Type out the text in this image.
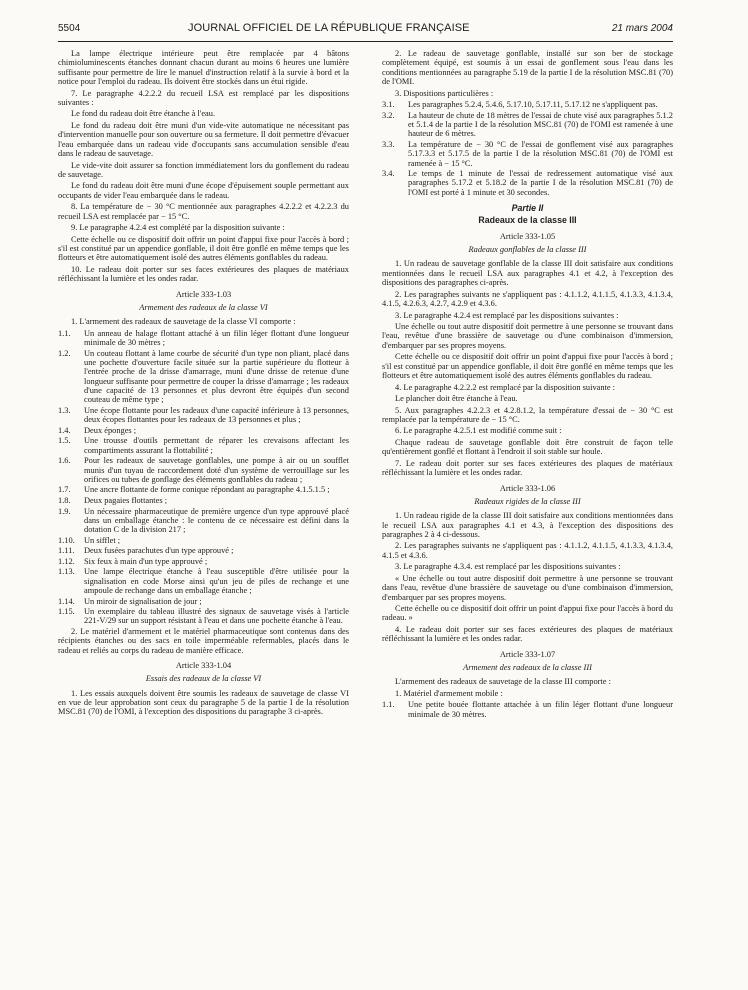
5504	JOURNAL OFFICIEL DE LA RÉPUBLIQUE FRANÇAISE	21 mars 2004

La lampe électrique intérieure peut être remplacée par 4 bâtons chimioluminescents étanches donnant chacun durant au moins 6 heures une lumière suffisante pour permettre de lire le manuel d'instruction relatif à la survie à bord et la notice pour l'emploi du radeau. Ils doivent être stockés dans un étui rigide.

7. Le paragraphe 4.2.2.2 du recueil LSA est remplacé par les dispositions suivantes :

Le fond du radeau doit être étanche à l'eau.

Le fond du radeau doit être muni d'un vide-vite automatique ne nécessitant pas d'intervention manuelle pour son ouverture ou sa fermeture. Il doit permettre d'évacuer l'eau embarquée dans un radeau vide d'occupants sans accumulation sensible d'eau dans le radeau de sauvetage.

Le vide-vite doit assurer sa fonction immédiatement lors du gonflement du radeau de sauvetage.

Le fond du radeau doit être muni d'une écope d'épuisement souple permettant aux occupants de vider l'eau embarquée dans le radeau.

8. La température de − 30 °C mentionnée aux paragraphes 4.2.2.2 et 4.2.2.3 du recueil LSA est remplacée par − 15 °C.

9. Le paragraphe 4.2.4 est complété par la disposition suivante :

Cette échelle ou ce dispositif doit offrir un point d'appui fixe pour l'accès à bord ; s'il est constitué par un appendice gonflable, il doit être gonflé en même temps que les flotteurs et être automatiquement isolé des autres éléments gonflables du radeau.

10. Le radeau doit porter sur ses faces extérieures des plaques de matériaux réfléchissant la lumière et les ondes radar.

Article 333-1.03
Armement des radeaux de la classe VI

1. L'armement des radeaux de sauvetage de la classe VI comporte :

1.1.	Un anneau de halage flottant attaché à un filin léger flottant d'une longueur minimale de 30 mètres ;
1.2.	Un couteau flottant à lame courbe de sécurité d'un type non pliant, placé dans une pochette d'ouverture facile située sur la partie supérieure du flotteur à l'entrée proche de la drisse d'amarrage, muni d'une drisse de retenue d'une longueur suffisante pour permettre de couper la drisse d'amarrage ; les radeaux d'une capacité de 13 personnes et plus devront être équipés d'un second couteau de même type ;
1.3.	Une écope flottante pour les radeaux d'une capacité inférieure à 13 personnes, deux écopes flottantes pour les radeaux de 13 personnes et plus ;
1.4.	Deux éponges ;
1.5.	Une trousse d'outils permettant de réparer les crevaisons affectant les compartiments assurant la flottabilité ;
1.6.	Pour les radeaux de sauvetage gonflables, une pompe à air ou un soufflet munis d'un tuyau de raccordement doté d'un système de verrouillage sur les orifices ou tubes de gonflage des éléments gonflables du radeau ;
1.7.	Une ancre flottante de forme conique répondant au paragraphe 4.1.5.1.5 ;
1.8.	Deux pagaies flottantes ;
1.9.	Un nécessaire pharmaceutique de première urgence d'un type approuvé placé dans un emballage étanche : le contenu de ce nécessaire est défini dans la dotation C de la division 217 ;
1.10.	Un sifflet ;
1.11.	Deux fusées parachutes d'un type approuvé ;
1.12.	Six feux à main d'un type approuvé ;
1.13.	Une lampe électrique étanche à l'eau susceptible d'être utilisée pour la signalisation en code Morse ainsi qu'un jeu de piles de rechange et une ampoule de rechange dans un emballage étanche ;
1.14.	Un miroir de signalisation de jour ;
1.15.	Un exemplaire du tableau illustré des signaux de sauvetage visés à l'article 221-V/29 sur un support résistant à l'eau et dans une pochette étanche à l'eau.

2. Le matériel d'armement et le matériel pharmaceutique sont contenus dans des récipients étanches ou des sacs en toile imperméable refermables, placés dans le radeau et reliés au corps du radeau de manière efficace.

Article 333-1.04
Essais des radeaux de la classe VI

1. Les essais auxquels doivent être soumis les radeaux de sauvetage de classe VI en vue de leur approbation sont ceux du paragraphe 5 de la partie I de la résolution MSC.81 (70) de l'OMI, à l'exception des dispositions du paragraphe 3 ci-après.

2. Le radeau de sauvetage gonflable, installé sur son ber de stockage complètement équipé, est soumis à un essai de gonflement sous l'eau dans les conditions mentionnées au paragraphe 5.19 de la partie I de la résolution MSC.81 (70) de l'OMI.

3. Dispositions particulières :

3.1.	Les paragraphes 5.2.4, 5.4.6, 5.17.10, 5.17.11, 5.17.12 ne s'appliquent pas.
3.2.	La hauteur de chute de 18 mètres de l'essai de chute visé aux paragraphes 5.1.2 et 5.1.4 de la partie I de la résolution MSC.81 (70) de l'OMI est ramenée à une hauteur de 6 mètres.
3.3.	La température de − 30 °C de l'essai de gonflement visé aux paragraphes 5.17.3.3 et 5.17.5 de la partie I de la résolution MSC.81 (70) de l'OMI est ramenée à − 15 °C.
3.4.	Le temps de 1 minute de l'essai de redressement automatique visé aux paragraphes 5.17.2 et 5.18.2 de la partie I de la résolution MSC.81 (70) de l'OMI est porté à 1 minute et 30 secondes.
Partie II
Radeaux de la classe III
Article 333-1.05
Radeaux gonflables de la classe III

1. Un radeau de sauvetage gonflable de la classe III doit satisfaire aux conditions mentionnées dans le recueil LSA aux paragraphes 4.1 et 4.2, à l'exception des dispositions des paragraphes ci-après.

2. Les paragraphes suivants ne s'appliquent pas : 4.1.1.2, 4.1.1.5, 4.1.3.3, 4.1.3.4, 4.1.5, 4.2.6.3, 4.2.7, 4.2.9 et 4.3.6.

3. Le paragraphe 4.2.4 est remplacé par les dispositions suivantes :

Une échelle ou tout autre dispositif doit permettre à une personne se trouvant dans l'eau, revêtue d'une brassière de sauvetage ou d'une combinaison d'immersion, d'embarquer par ses propres moyens.

Cette échelle ou ce dispositif doit offrir un point d'appui fixe pour l'accès à bord ; s'il est constitué par un appendice gonflable, il doit être gonflé en même temps que les flotteurs et être automatiquement isolé des autres éléments gonflables du radeau.

4. Le paragraphe 4.2.2.2 est remplacé par la disposition suivante :

Le plancher doit être étanche à l'eau.

5. Aux paragraphes 4.2.2.3 et 4.2.8.1.2, la température d'essai de − 30 °C est remplacée par la température de − 15 °C.

6. Le paragraphe 4.2.5.1 est modifié comme suit :

Chaque radeau de sauvetage gonflable doit être construit de façon telle qu'entièrement gonflé et flottant à l'endroit il soit stable sur houle.

7. Le radeau doit porter sur ses faces extérieures des plaques de matériaux réfléchissant la lumière et les ondes radar.

Article 333-1.06
Radeaux rigides de la classe III

1. Un radeau rigide de la classe III doit satisfaire aux conditions mentionnées dans le recueil LSA aux paragraphes 4.1 et 4.3, à l'exception des dispositions des paragraphes 2 à 4 ci-dessous.

2. Les paragraphes suivants ne s'appliquent pas : 4.1.1.2, 4.1.1.5, 4.1.3.3, 4.1.3.4, 4.1.5 et 4.3.6.

3. Le paragraphe 4.3.4. est remplacé par les dispositions suivantes :

« Une échelle ou tout autre dispositif doit permettre à une personne se trouvant dans l'eau, revêtue d'une brassière de sauvetage ou d'une combinaison d'immersion, d'embarquer par ses propres moyens.

Cette échelle ou ce dispositif doit offrir un point d'appui fixe pour l'accès à bord du radeau. »

4. Le radeau doit porter sur ses faces extérieures des plaques de matériaux réfléchissant la lumière et les ondes radar.

Article 333-1.07
Armement des radeaux de la classe III

L'armement des radeaux de sauvetage de la classe III comporte :

1. Matériel d'armement mobile :

1.1.	Une petite bouée flottante attachée à un filin léger flottant d'une longueur minimale de 30 mètres.
